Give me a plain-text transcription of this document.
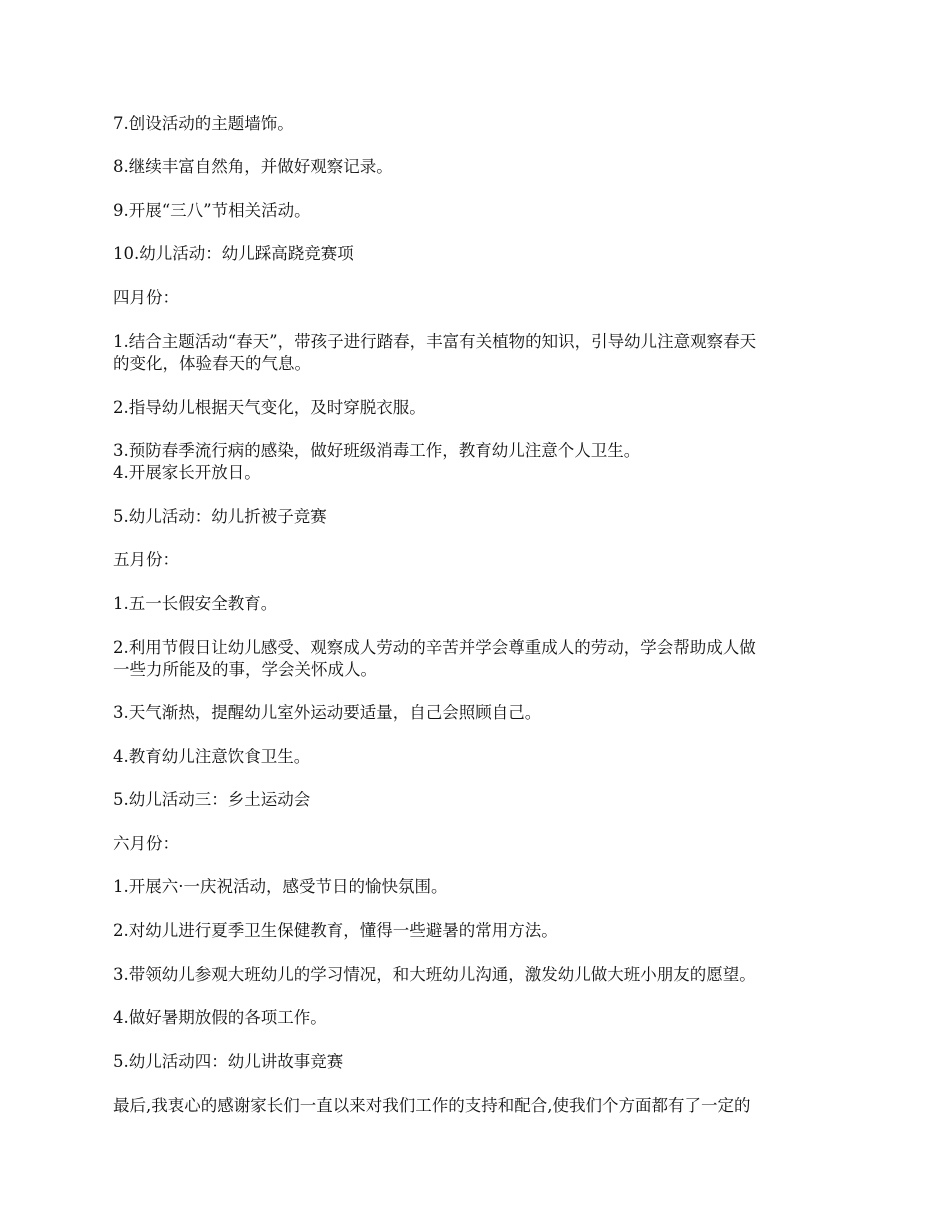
7.创设活动的主题墙饰。
8.继续丰富自然角，并做好观察记录。
9.开展“三八”节相关活动。
10.幼儿活动：幼儿踩高跷竞赛项
四月份：
1.结合主题活动“春天”，带孩子进行踏春，丰富有关植物的知识，引导幼儿注意观察春天
的变化，体验春天的气息。
2.指导幼儿根据天气变化，及时穿脱衣服。
3.预防春季流行病的感染，做好班级消毒工作，教育幼儿注意个人卫生。
4.开展家长开放日。
5.幼儿活动：幼儿折被子竞赛
五月份：
1.五一长假安全教育。
2.利用节假日让幼儿感受、观察成人劳动的辛苦并学会尊重成人的劳动，学会帮助成人做
一些力所能及的事，学会关怀成人。
3.天气渐热，提醒幼儿室外运动要适量，自己会照顾自己。
4.教育幼儿注意饮食卫生。
5.幼儿活动三：乡土运动会
六月份：
1.开展六·一庆祝活动，感受节日的愉快氛围。
2.对幼儿进行夏季卫生保健教育，懂得一些避暑的常用方法。
3.带领幼儿参观大班幼儿的学习情况，和大班幼儿沟通，激发幼儿做大班小朋友的愿望。
4.做好暑期放假的各项工作。
5.幼儿活动四：幼儿讲故事竞赛
最后,我衷心的感谢家长们一直以来对我们工作的支持和配合,使我们个方面都有了一定的
